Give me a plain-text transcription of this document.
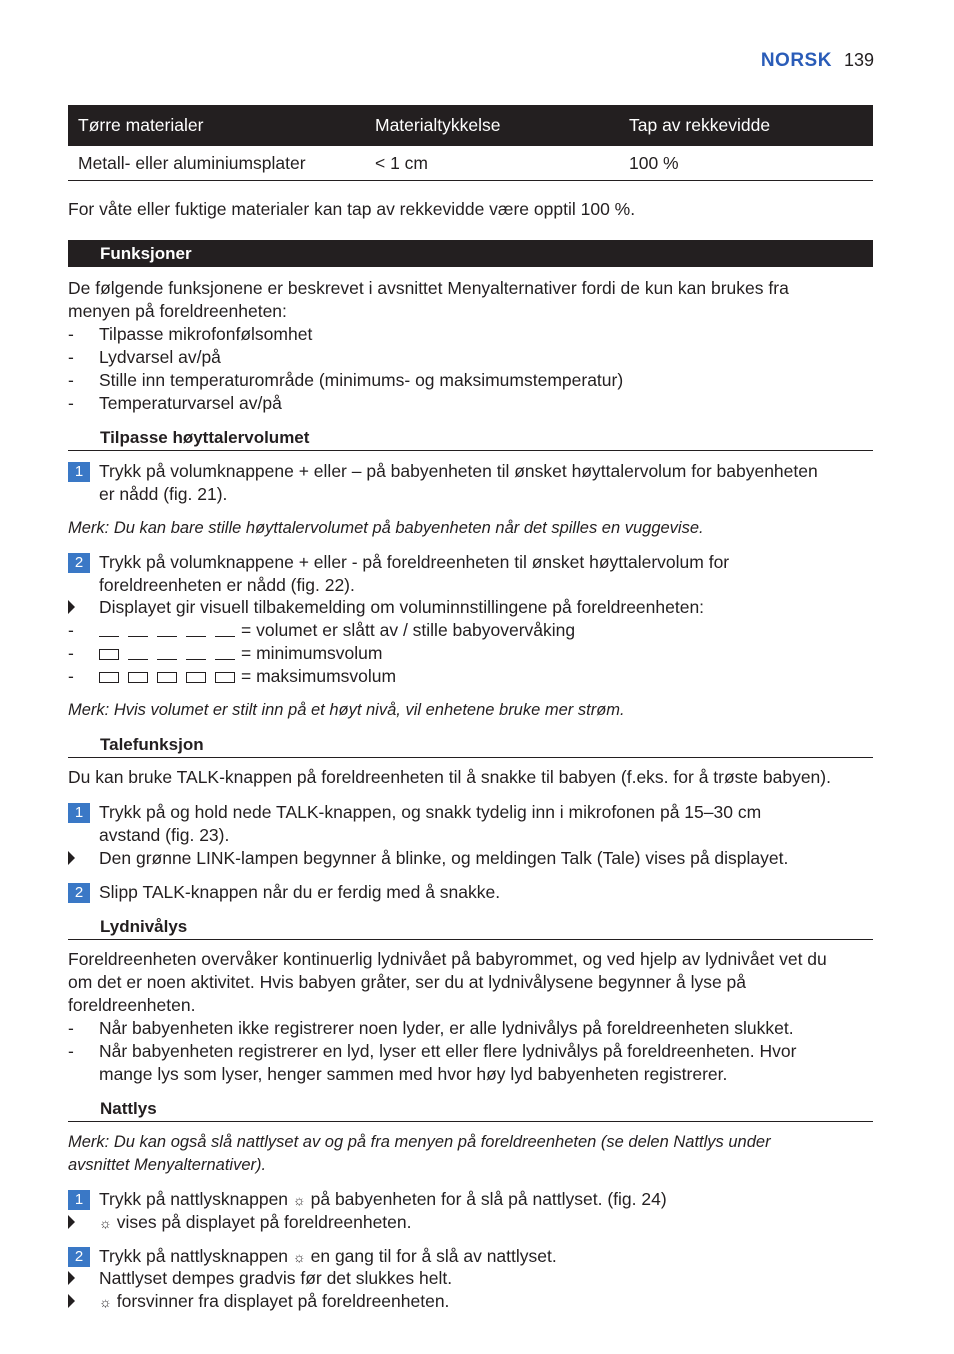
NORSK 139
Tørre materialer	Materialtykkelse	Tap av rekkevidde
Metall- eller aluminiumsplater	< 1 cm	100 %
For våte eller fuktige materialer kan tap av rekkevidde være opptil 100 %.
Funksjoner
De følgende funksjonene er beskrevet i avsnittet Menyalternativer fordi de kun kan brukes fra
menyen på foreldreenheten:
- Tilpasse mikrofonfølsomhet
- Lydvarsel av/på
- Stille inn temperaturområde (minimums- og maksimumstemperatur)
- Temperaturvarsel av/på
Tilpasse høyttalervolumet
1 Trykk på volumknappene + eller – på babyenheten til ønsket høyttalervolum for babyenheten
er nådd (fig. 21).
Merk: Du kan bare stille høyttalervolumet på babyenheten når det spilles en vuggevise.
2 Trykk på volumknappene + eller - på foreldreenheten til ønsket høyttalervolum for
foreldreenheten er nådd (fig. 22).
Displayet gir visuell tilbakemelding om voluminnstillingene på foreldreenheten:
-	= volumet er slått av / stille babyovervåking
-	= minimumsvolum
-	= maksimumsvolum
Merk: Hvis volumet er stilt inn på et høyt nivå, vil enhetene bruke mer strøm.
Talefunksjon
Du kan bruke TALK-knappen på foreldreenheten til å snakke til babyen (f.eks. for å trøste babyen).
1 Trykk på og hold nede TALK-knappen, og snakk tydelig inn i mikrofonen på 15–30 cm
avstand (fig. 23).
Den grønne LINK-lampen begynner å blinke, og meldingen Talk (Tale) vises på displayet.
2 Slipp TALK-knappen når du er ferdig med å snakke.
Lydnivålys
Foreldreenheten overvåker kontinuerlig lydnivået på babyrommet, og ved hjelp av lydnivået vet du
om det er noen aktivitet. Hvis babyen gråter, ser du at lydnivålysene begynner å lyse på
foreldreenheten.
- Når babyenheten ikke registrerer noen lyder, er alle lydnivålys på foreldreenheten slukket.
- Når babyenheten registrerer en lyd, lyser ett eller flere lydnivålys på foreldreenheten. Hvor
mange lys som lyser, henger sammen med hvor høy lyd babyenheten registrerer.
Nattlys
Merk: Du kan også slå nattlyset av og på fra menyen på foreldreenheten (se delen Nattlys under
avsnittet Menyalternativer).
1 Trykk på nattlysknappen ☼ på babyenheten for å slå på nattlyset. (fig. 24)
☼ vises på displayet på foreldreenheten.
2 Trykk på nattlysknappen ☼ en gang til for å slå av nattlyset.
Nattlyset dempes gradvis før det slukkes helt.
☼ forsvinner fra displayet på foreldreenheten.
